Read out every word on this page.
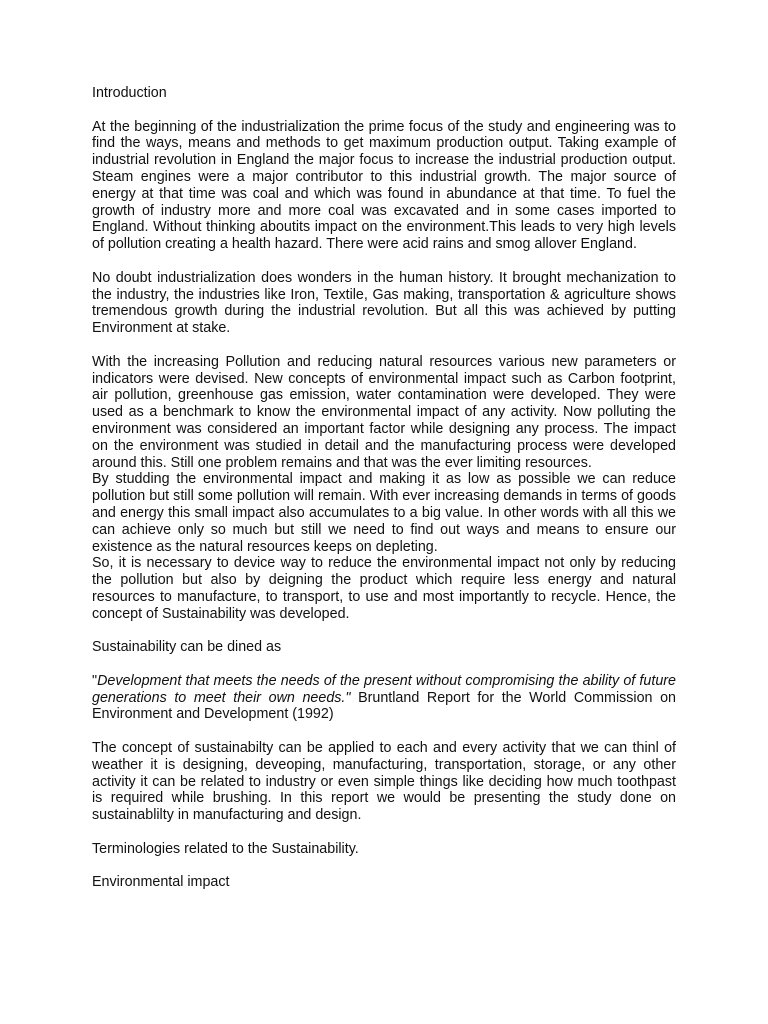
Introduction

At the beginning of the industrialization the prime focus of the study and engineering was to find the ways, means and methods to get maximum production output. Taking example of industrial revolution in England the major focus to increase the industrial production output. Steam engines were a major contributor to this industrial growth. The major source of energy at that time was coal and which was found in abundance at that time. To fuel the growth of industry more and more coal was excavated and in some cases imported to England. Without thinking aboutits impact on the environment.This leads to very high levels of pollution creating a health hazard. There were acid rains and smog allover England.

No doubt industrialization does wonders in the human history. It brought mechanization to the industry, the industries like Iron, Textile, Gas making, transportation & agriculture shows tremendous growth during the industrial revolution. But all this was achieved by putting Environment at stake.

With the increasing Pollution and reducing natural resources various new parameters or indicators were devised. New concepts of environmental impact such as Carbon footprint, air pollution, greenhouse gas emission, water contamination were developed. They were used as a benchmark to know the environmental impact of any activity. Now polluting the environment was considered an important factor while designing any process. The impact on the environment was studied in detail and the manufacturing process were developed around this. Still one problem remains and that was the ever limiting resources.

By studding the environmental impact and making it as low as possible we can reduce pollution but still some pollution will remain. With ever increasing demands in terms of goods and energy this small impact also accumulates to a big value. In other words with all this we can achieve only so much but still we need to find out ways and means to ensure our existence as the natural resources keeps on depleting.

So, it is necessary to device way to reduce the environmental impact not only by reducing the pollution but also by deigning the product which require less energy and natural resources to manufacture, to transport, to use and most importantly to recycle. Hence, the concept of Sustainability was developed.

Sustainability can be dined as

"Development that meets the needs of the present without compromising the ability of future generations to meet their own needs." Bruntland Report for the World Commission on Environment and Development (1992)

The concept of sustainabilty can be applied to each and every activity that we can thinl of weather it is designing, deveoping, manufacturing, transportation, storage, or any other activity it can be related to industry or even simple things like deciding how much toothpast is required while brushing. In this report we would be presenting the study done on sustainablilty in manufacturing and design.

Terminologies related to the Sustainability.

Environmental impact
